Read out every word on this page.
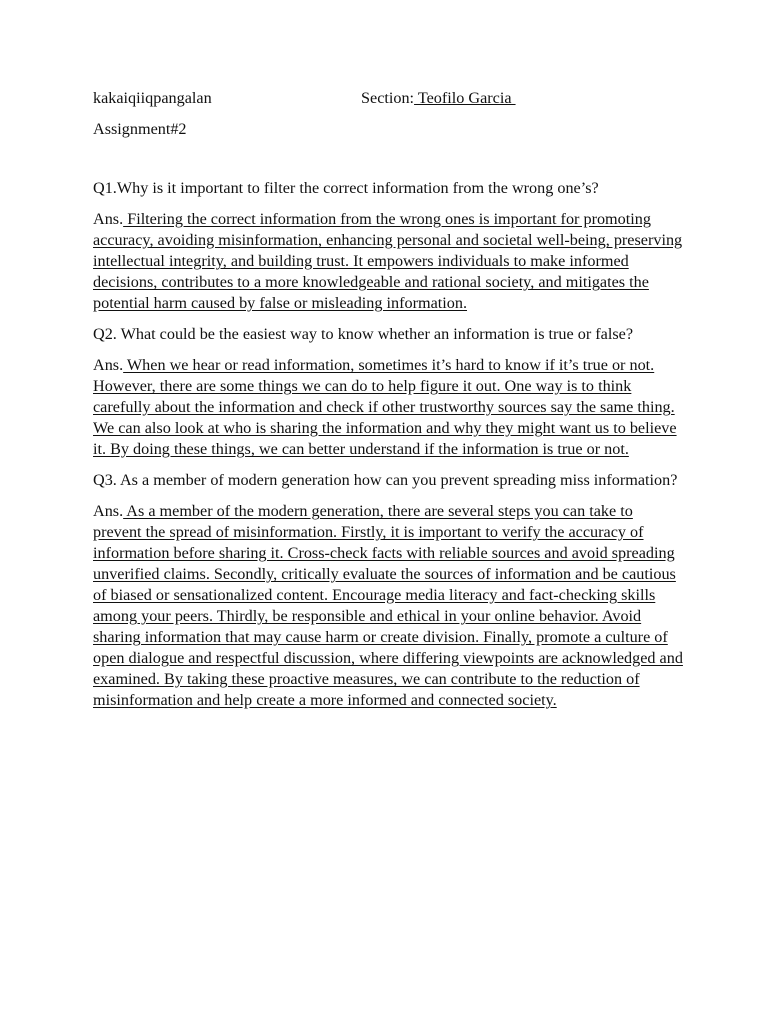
kakaiqiiqpangalan	Section: Teofilo Garcia
Assignment#2

Q1.Why is it important to filter the correct information from the wrong one’s?

Ans. Filtering the correct information from the wrong ones is important for promoting accuracy, avoiding misinformation, enhancing personal and societal well-being, preserving intellectual integrity, and building trust. It empowers individuals to make informed decisions, contributes to a more knowledgeable and rational society, and mitigates the potential harm caused by false or misleading information.

Q2. What could be the easiest way to know whether an information is true or false?

Ans. When we hear or read information, sometimes it’s hard to know if it’s true or not. However, there are some things we can do to help figure it out. One way is to think carefully about the information and check if other trustworthy sources say the same thing. We can also look at who is sharing the information and why they might want us to believe it. By doing these things, we can better understand if the information is true or not.

Q3. As a member of modern generation how can you prevent spreading miss information?

Ans. As a member of the modern generation, there are several steps you can take to prevent the spread of misinformation. Firstly, it is important to verify the accuracy of information before sharing it. Cross-check facts with reliable sources and avoid spreading unverified claims. Secondly, critically evaluate the sources of information and be cautious of biased or sensationalized content. Encourage media literacy and fact-checking skills among your peers. Thirdly, be responsible and ethical in your online behavior. Avoid sharing information that may cause harm or create division. Finally, promote a culture of open dialogue and respectful discussion, where differing viewpoints are acknowledged and examined. By taking these proactive measures, we can contribute to the reduction of misinformation and help create a more informed and connected society.
